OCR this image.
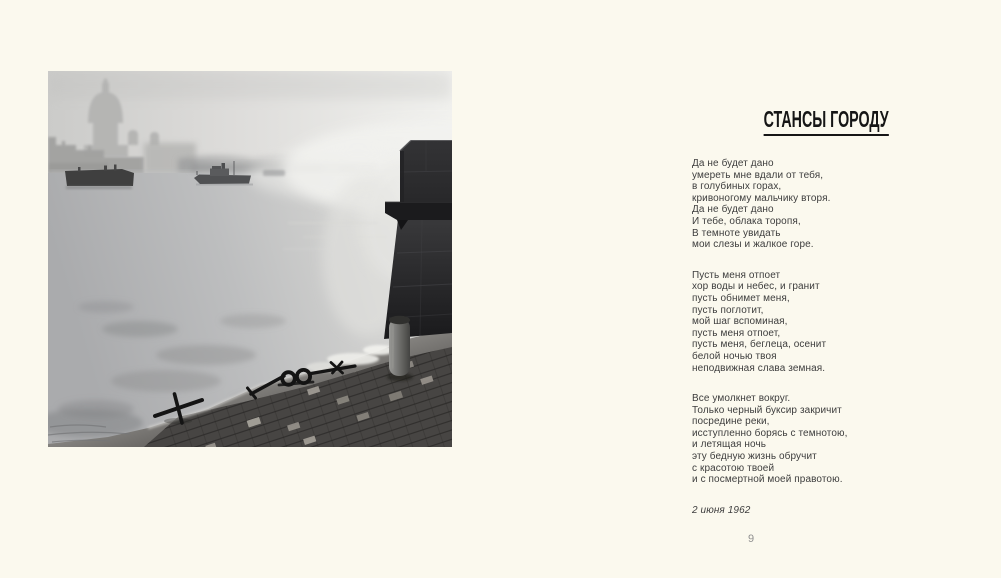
СТАНСЫ ГОРОДУ
Да не будет дано
умереть мне вдали от тебя,
в голубиных горах,
кривоногому мальчику вторя.
Да не будет дано
И тебе, облака торопя,
В темноте увидать
мои слезы и жалкое горе.
Пусть меня отпоет
хор воды и небес, и гранит
пусть обнимет меня,
пусть поглотит,
мой шаг вспоминая,
пусть меня отпоет,
пусть меня, беглеца, осенит
белой ночью твоя
неподвижная слава земная.
Все умолкнет вокруг.
Только черный буксир закричит
посредине реки,
исступленно борясь с темнотою,
и летящая ночь
эту бедную жизнь обручит
с красотою твоей
и с посмертной моей правотою.
2 июня 1962
9
